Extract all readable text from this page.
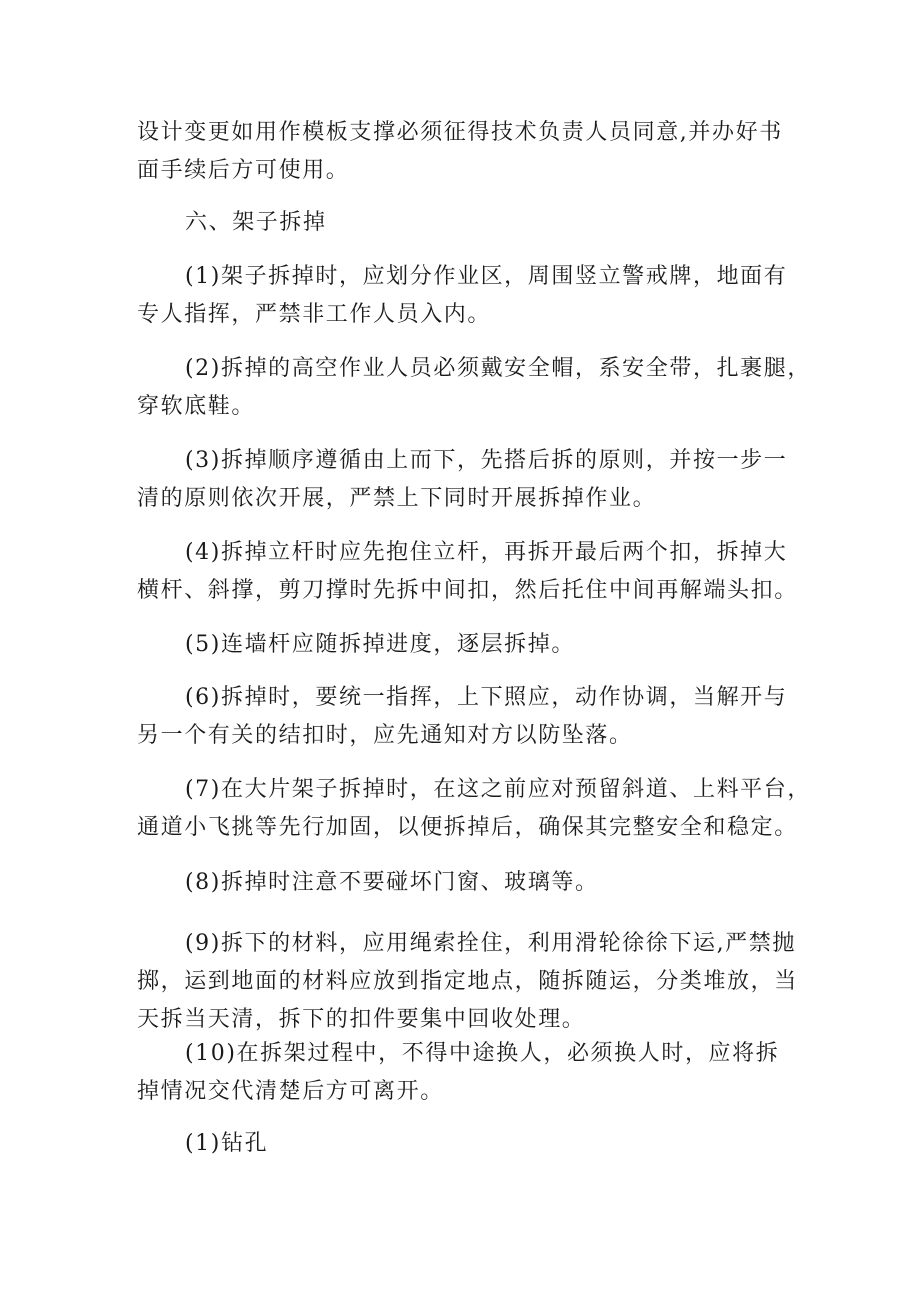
设计变更如用作模板支撑必须征得技术负责人员同意,并办好书
面手续后方可使用。

六、架子拆掉

(1)架子拆掉时，应划分作业区，周围竖立警戒牌，地面有
专人指挥，严禁非工作人员入内。

(2)拆掉的高空作业人员必须戴安全帽，系安全带，扎裹腿，
穿软底鞋。

(3)拆掉顺序遵循由上而下，先搭后拆的原则，并按一步一
清的原则依次开展，严禁上下同时开展拆掉作业。

(4)拆掉立杆时应先抱住立杆，再拆开最后两个扣，拆掉大
横杆、斜撑，剪刀撑时先拆中间扣，然后托住中间再解端头扣。

(5)连墙杆应随拆掉进度，逐层拆掉。

(6)拆掉时，要统一指挥，上下照应，动作协调，当解开与
另一个有关的结扣时，应先通知对方以防坠落。

(7)在大片架子拆掉时，在这之前应对预留斜道、上料平台，
通道小飞挑等先行加固，以便拆掉后，确保其完整安全和稳定。

(8)拆掉时注意不要碰坏门窗、玻璃等。

(9)拆下的材料，应用绳索拴住，利用滑轮徐徐下运,严禁抛
掷，运到地面的材料应放到指定地点，随拆随运，分类堆放，当
天拆当天清，拆下的扣件要集中回收处理。

(10)在拆架过程中，不得中途换人，必须换人时，应将拆
掉情况交代清楚后方可离开。

(1)钻孔
